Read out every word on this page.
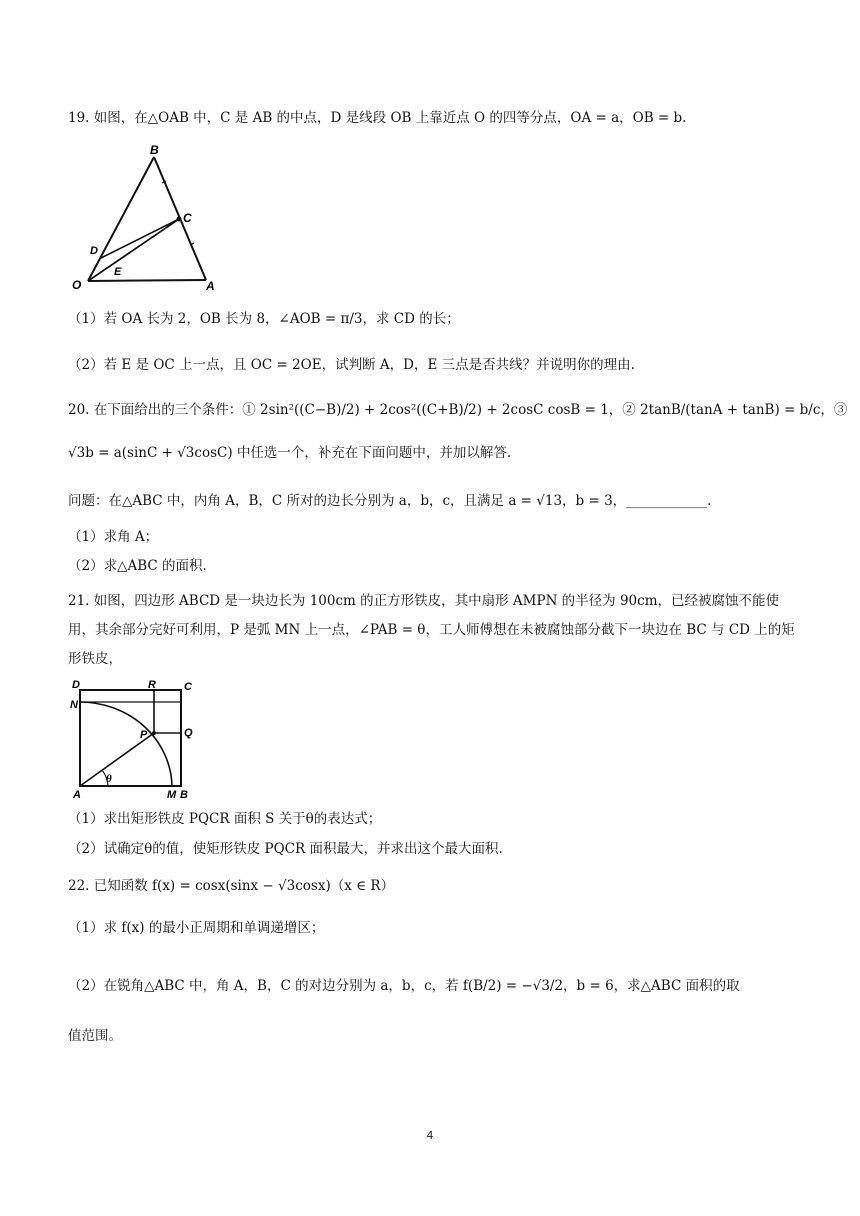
19. 如图，在△OAB 中，C 是 AB 的中点，D 是线段 OB 上靠近点 O 的四等分点，OA = a，OB = b.
B
C
D
E
O	A
（1）若 OA 长为 2，OB 长为 8，∠AOB = π/3，求 CD 的长；
（2）若 E 是 OC 上一点，且 OC = 2OE，试判断 A，D，E 三点是否共线？并说明你的理由.
20. 在下面给出的三个条件：① 2sin²((C−B)/2) + 2cos²((C+B)/2) + 2cosC cosB = 1，② 2tanB/(tanA + tanB) = b/c，③
√3b = a(sinC + √3cosC) 中任选一个，补充在下面问题中，并加以解答.
问题：在△ABC 中，内角 A，B，C 所对的边长分别为 a，b，c，且满足 a = √13，b = 3，____________.
（1）求角 A；
（2）求△ABC 的面积.
21. 如图，四边形 ABCD 是一块边长为 100cm 的正方形铁皮，其中扇形 AMPN 的半径为 90cm，已经被腐蚀不能使用，其余部分完好可利用，P 是弧 MN 上一点，∠PAB = θ，工人师傅想在未被腐蚀部分截下一块边在 BC 与 CD 上的矩形铁皮，
D	R	C
N
P	Q
A	M B
θ
（1）求出矩形铁皮 PQCR 面积 S 关于θ的表达式；
（2）试确定θ的值，使矩形铁皮 PQCR 面积最大，并求出这个最大面积.
22. 已知函数 f(x) = cosx(sinx − √3cosx)（x ∈ R）
（1）求 f(x) 的最小正周期和单调递增区；
（2）在锐角△ABC 中，角 A，B，C 的对边分别为 a，b，c，若 f(B/2) = −√3/2，b = 6，求△ABC 面积的取
值范围。
4
